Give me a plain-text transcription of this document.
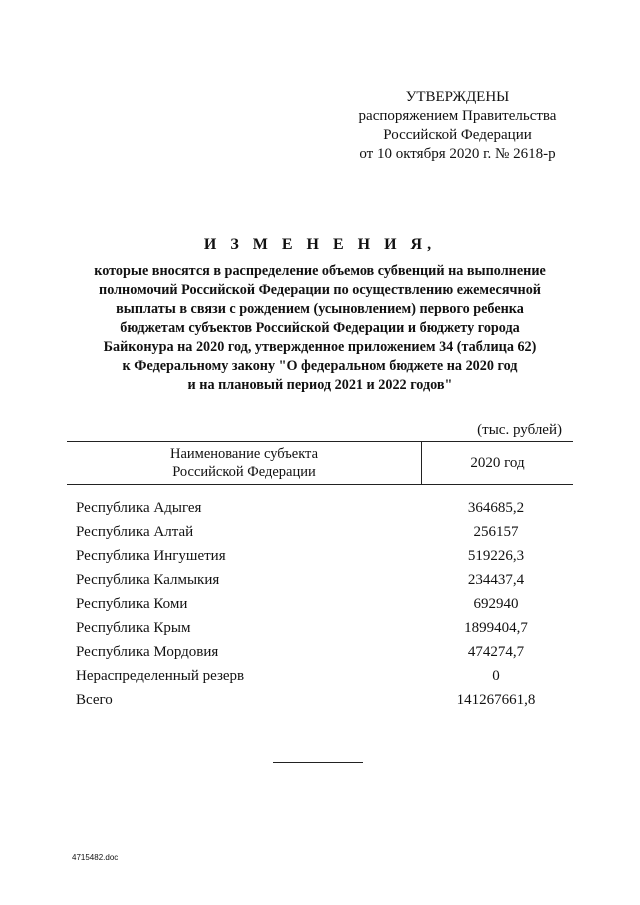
УТВЕРЖДЕНЫ
распоряжением Правительства
Российской Федерации
от 10 октября 2020 г. № 2618-р
И З М Е Н Е Н И Я,
которые вносятся в распределение объемов субвенций на выполнение
полномочий Российской Федерации по осуществлению ежемесячной
выплаты в связи с рождением (усыновлением) первого ребенка
бюджетам субъектов Российской Федерации и бюджету города
Байконура на 2020 год, утвержденное приложением 34 (таблица 62)
к Федеральному закону "О федеральном бюджете на 2020 год
и на плановый период 2021 и 2022 годов"
(тыс. рублей)
Наименование субъекта
Российской Федерации
2020 год
Республика Адыгея	364685,2
Республика Алтай	256157
Республика Ингушетия	519226,3
Республика Калмыкия	234437,4
Республика Коми	692940
Республика Крым	1899404,7
Республика Мордовия	474274,7
Нераспределенный резерв	0
Всего	141267661,8
4715482.doc
